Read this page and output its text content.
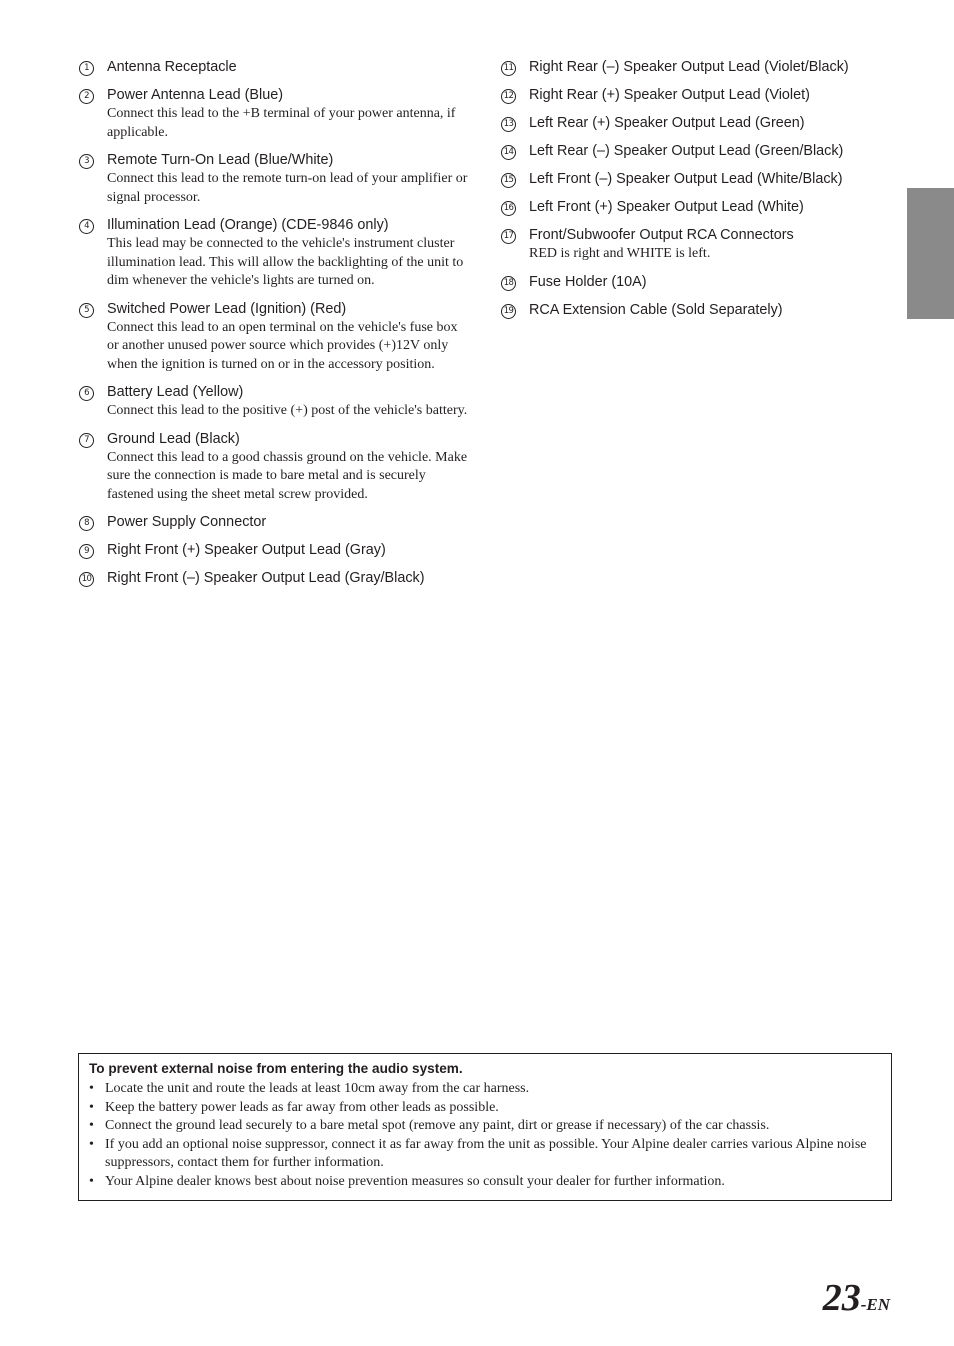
1	Antenna Receptacle
2	Power Antenna Lead (Blue)
Connect this lead to the +B terminal of your power antenna, if applicable.
3	Remote Turn-On Lead (Blue/White)
Connect this lead to the remote turn-on lead of your amplifier or signal processor.
4	Illumination Lead (Orange) (CDE-9846 only)
This lead may be connected to the vehicle's instrument cluster illumination lead. This will allow the backlighting of the unit to dim whenever the vehicle's lights are turned on.
5	Switched Power Lead (Ignition) (Red)
Connect this lead to an open terminal on the vehicle's fuse box or another unused power source which provides (+)12V only when the ignition is turned on or in the accessory position.
6	Battery Lead (Yellow)
Connect this lead to the positive (+) post of the vehicle's battery.
7	Ground Lead (Black)
Connect this lead to a good chassis ground on the vehicle. Make sure the connection is made to bare metal and is securely fastened using the sheet metal screw provided.
8	Power Supply Connector
9	Right Front (+) Speaker Output Lead (Gray)
10 Right Front (–) Speaker Output Lead (Gray/Black)
11 Right Rear (–) Speaker Output Lead (Violet/Black)
12 Right Rear (+) Speaker Output Lead (Violet)
13 Left Rear (+) Speaker Output Lead (Green)
14 Left Rear (–) Speaker Output Lead (Green/Black)
15 Left Front (–) Speaker Output Lead (White/Black)
16 Left Front (+) Speaker Output Lead (White)
17 Front/Subwoofer Output RCA Connectors
RED is right and WHITE is left.
18 Fuse Holder (10A)
19 RCA Extension Cable (Sold Separately)
To prevent external noise from entering the audio system.
• Locate the unit and route the leads at least 10cm away from the car harness.
• Keep the battery power leads as far away from other leads as possible.
• Connect the ground lead securely to a bare metal spot (remove any paint, dirt or grease if necessary) of the car chassis.
• If you add an optional noise suppressor, connect it as far away from the unit as possible. Your Alpine dealer carries various Alpine noise suppressors, contact them for further information.
• Your Alpine dealer knows best about noise prevention measures so consult your dealer for further information.
23-EN
